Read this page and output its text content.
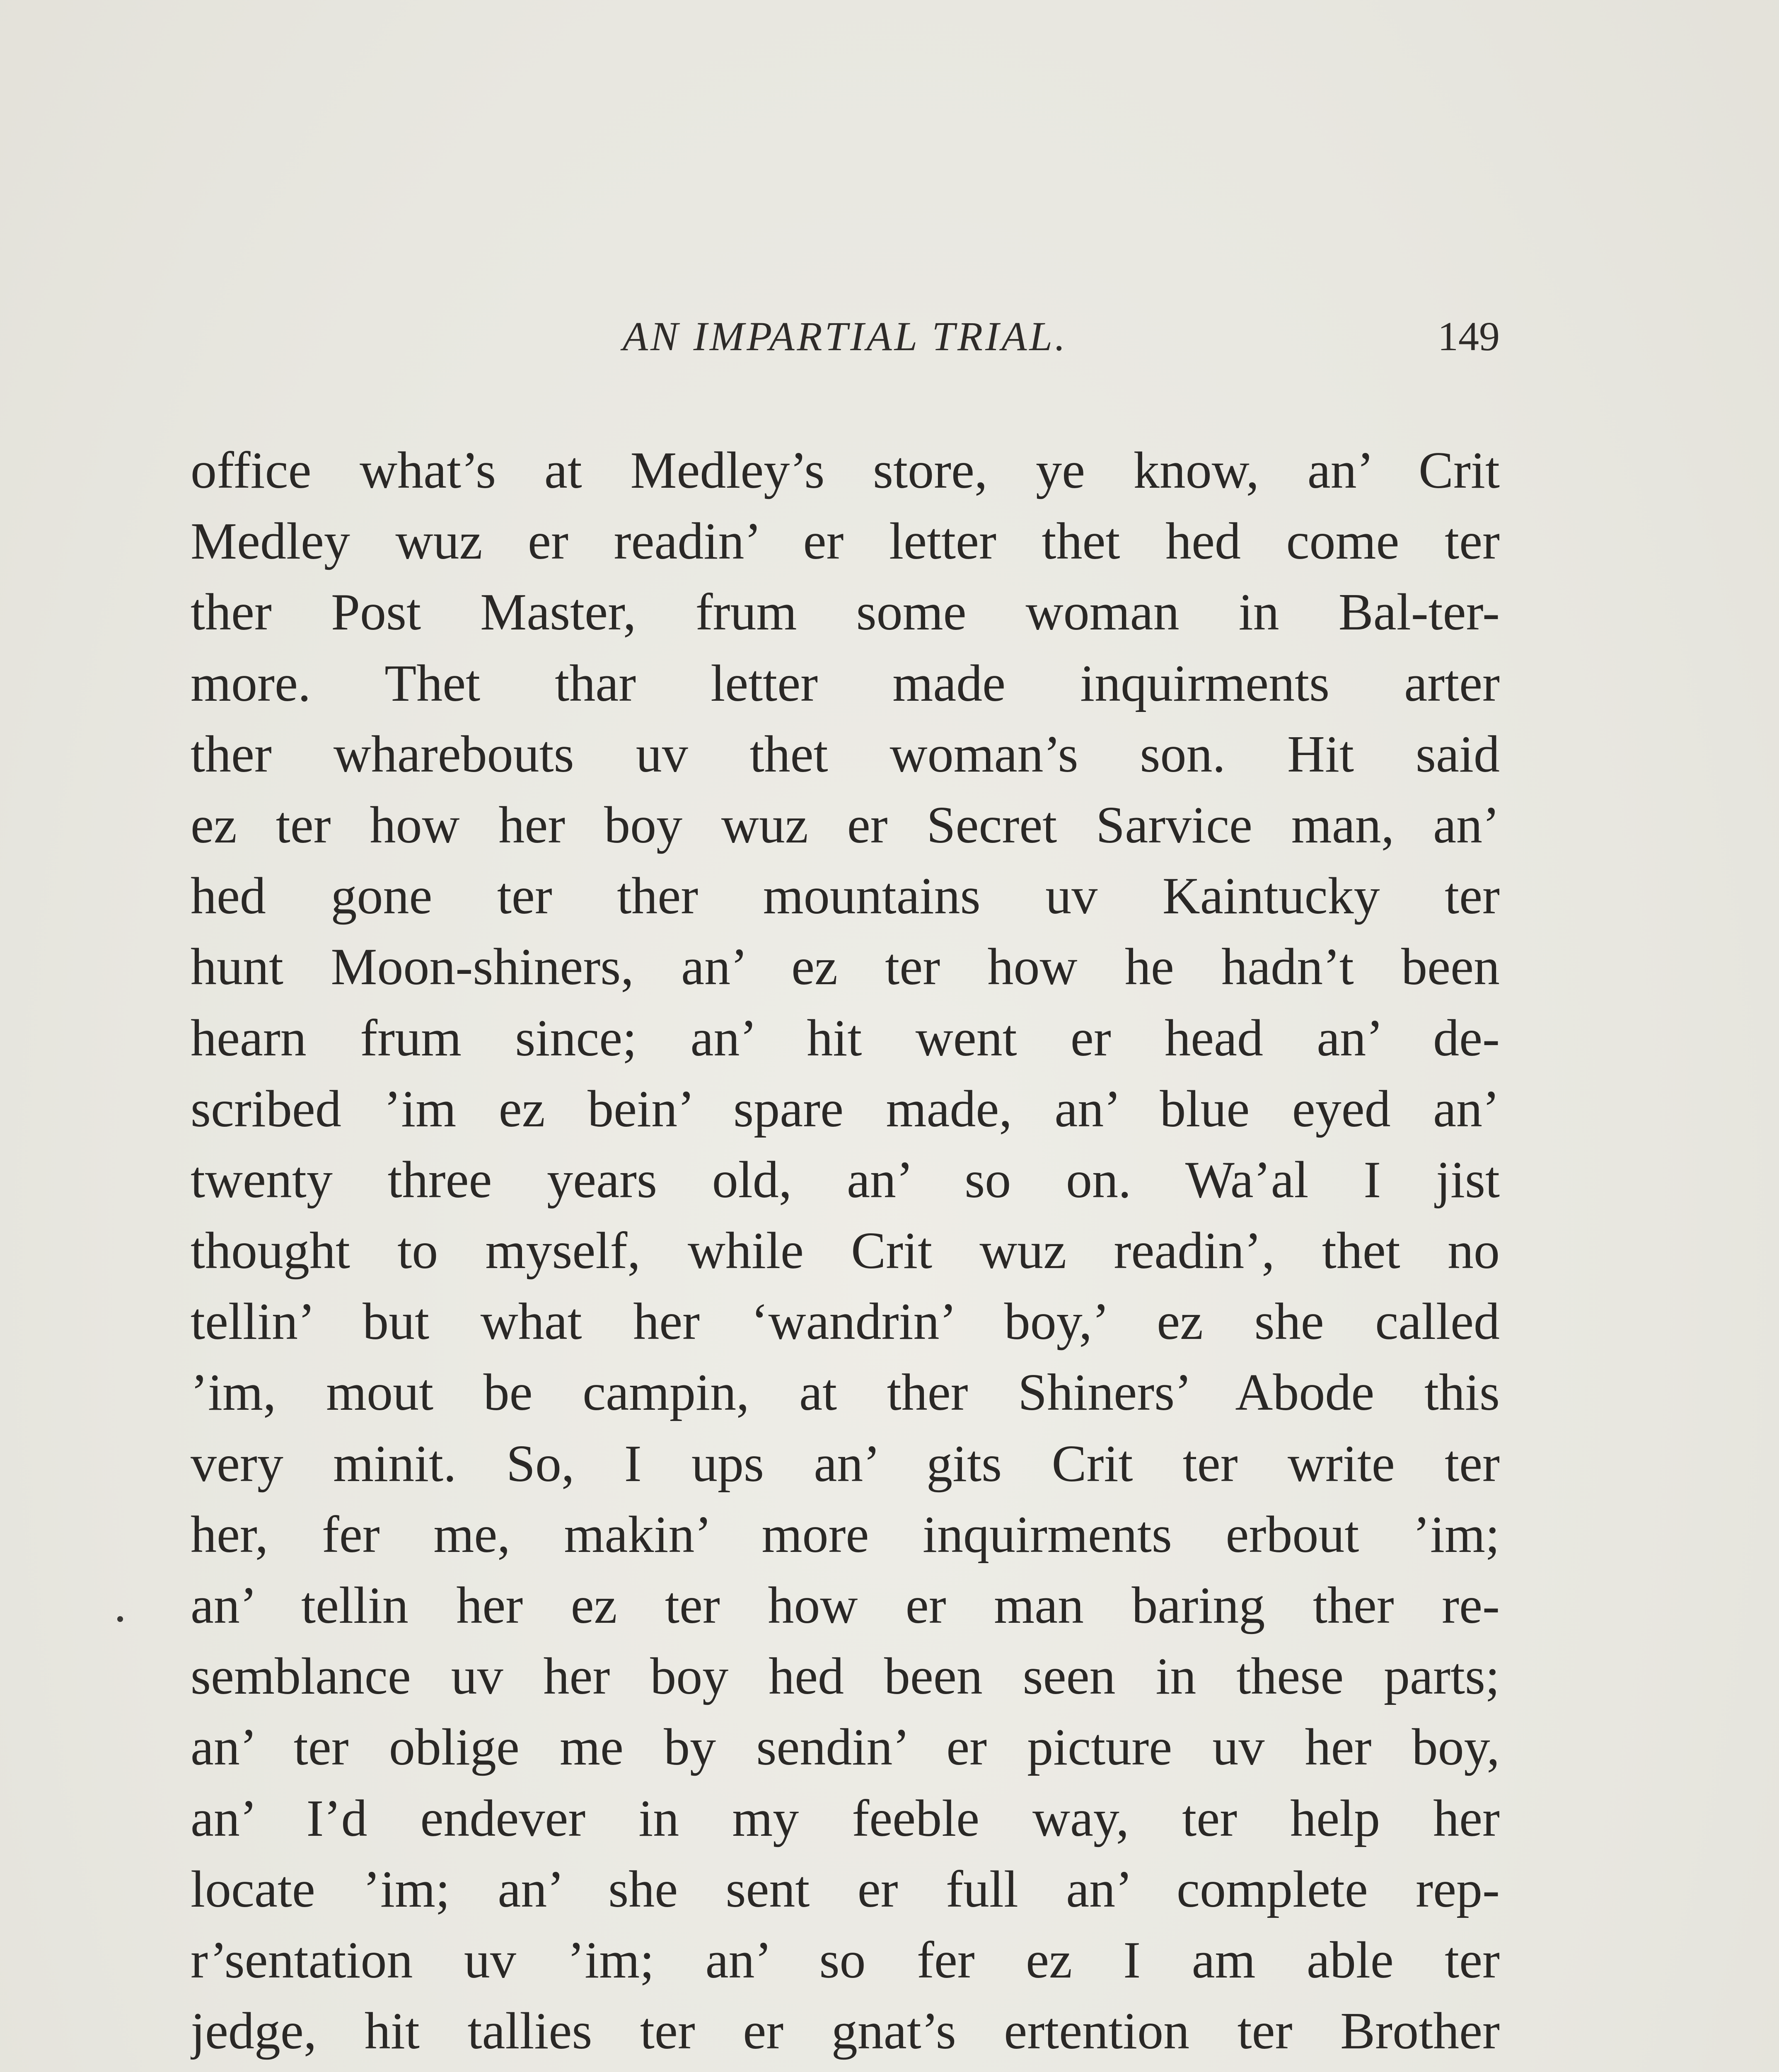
AN IMPARTIAL TRIAL.	149
office what’s at Medley’s store, ye know, an’ Crit
Medley wuz er readin’ er letter thet hed come ter
ther Post Master, frum some woman in Bal-ter-
more. Thet thar letter made inquirments arter
ther wharebouts uv thet woman’s son. Hit said
ez ter how her boy wuz er Secret Sarvice man, an’
hed gone ter ther mountains uv Kaintucky ter
hunt Moon-shiners, an’ ez ter how he hadn’t been
hearn frum since; an’ hit went er head an’ de-
scribed ’im ez bein’ spare made, an’ blue eyed an’
twenty three years old, an’ so on. Wa’al I jist
thought to myself, while Crit wuz readin’, thet no
tellin’ but what her ‘wandrin’ boy,’ ez she called
’im, mout be campin, at ther Shiners’ Abode this
very minit. So, I ups an’ gits Crit ter write ter
her, fer me, makin’ more inquirments erbout ’im;
an’ tellin her ez ter how er man baring ther re-
semblance uv her boy hed been seen in these parts;
an’ ter oblige me by sendin’ er picture uv her boy,
an’ I’d endever in my feeble way, ter help her
locate ’im; an’ she sent er full an’ complete rep-
r’sentation uv ’im; an’ so fer ez I am able ter
jedge, hit tallies ter er gnat’s ertention ter Brother
